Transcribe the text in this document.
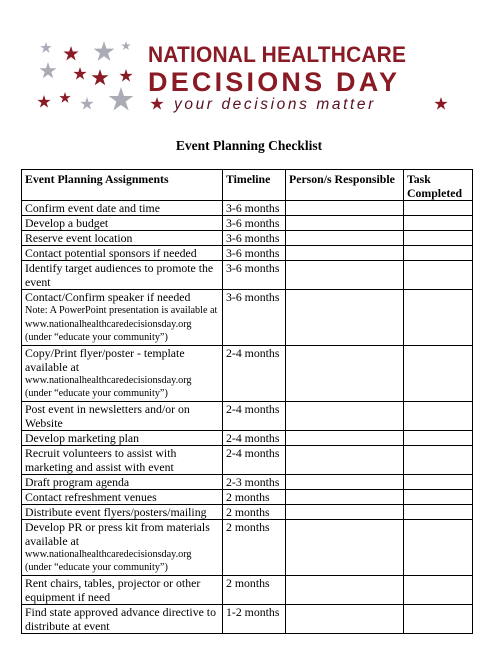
NATIONAL HEALTHCARE
DECISIONS DAY
your decisions matter
Event Planning Checklist
Event Planning Assignments	Timeline	Person/s Responsible	Task Completed
Confirm event date and time	3-6 months		
Develop a budget	3-6 months		
Reserve event location	3-6 months		
Contact potential sponsors if needed	3-6 months		
Identify target audiences to promote the event	3-6 months		
Contact/Confirm speaker if needed
Note: A PowerPoint presentation is available at www.nationalhealthcaredecisionsday.org (under “educate your community”)	3-6 months		
Copy/Print flyer/poster - template available at
www.nationalhealthcaredecisionsday.org (under “educate your community”)	2-4 months		
Post event in newsletters and/or on Website	2-4 months		
Develop marketing plan	2-4 months		
Recruit volunteers to assist with marketing and assist with event	2-4 months		
Draft program agenda	2-3 months		
Contact refreshment venues	2 months		
Distribute event flyers/posters/mailing	2 months		
Develop PR or press kit from materials available at
www.nationalhealthcaredecisionsday.org (under “educate your community”)	2 months		
Rent chairs, tables, projector or other equipment if need	2 months		
Find state approved advance directive to distribute at event	1-2 months		
